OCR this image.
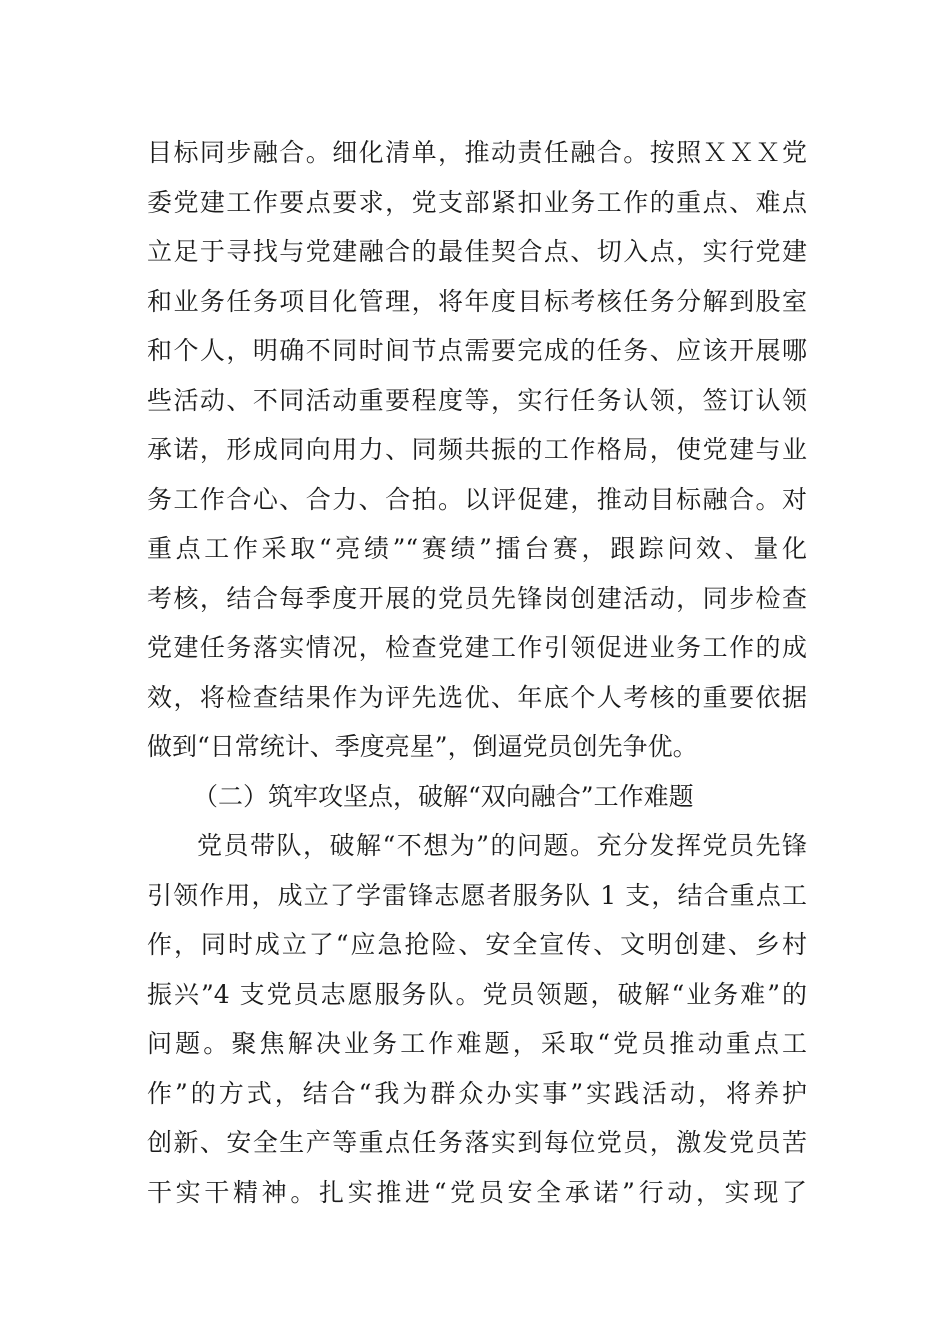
目标同步融合。细化清单，推动责任融合。按照ＸＸＸ党
委党建工作要点要求，党支部紧扣业务工作的重点、难点
立足于寻找与党建融合的最佳契合点、切入点，实行党建
和业务任务项目化管理，将年度目标考核任务分解到股室
和个人，明确不同时间节点需要完成的任务、应该开展哪
些活动、不同活动重要程度等，实行任务认领，签订认领
承诺，形成同向用力、同频共振的工作格局，使党建与业
务工作合心、合力、合拍。以评促建，推动目标融合。对
重点工作采取“亮绩”“赛绩”擂台赛，跟踪问效、量化
考核，结合每季度开展的党员先锋岗创建活动，同步检查
党建任务落实情况，检查党建工作引领促进业务工作的成
效，将检查结果作为评先选优、年底个人考核的重要依据
做到“日常统计、季度亮星”，倒逼党员创先争优。
（二）筑牢攻坚点，破解“双向融合”工作难题
党员带队，破解“不想为”的问题。充分发挥党员先锋
引领作用，成立了学雷锋志愿者服务队 1 支，结合重点工
作，同时成立了“应急抢险、安全宣传、文明创建、乡村
振兴”4 支党员志愿服务队。党员领题，破解“业务难”的
问题。聚焦解决业务工作难题，采取“党员推动重点工
作”的方式，结合“我为群众办实事”实践活动，将养护
创新、安全生产等重点任务落实到每位党员，激发党员苦
干实干精神。扎实推进“党员安全承诺”行动，实现了
